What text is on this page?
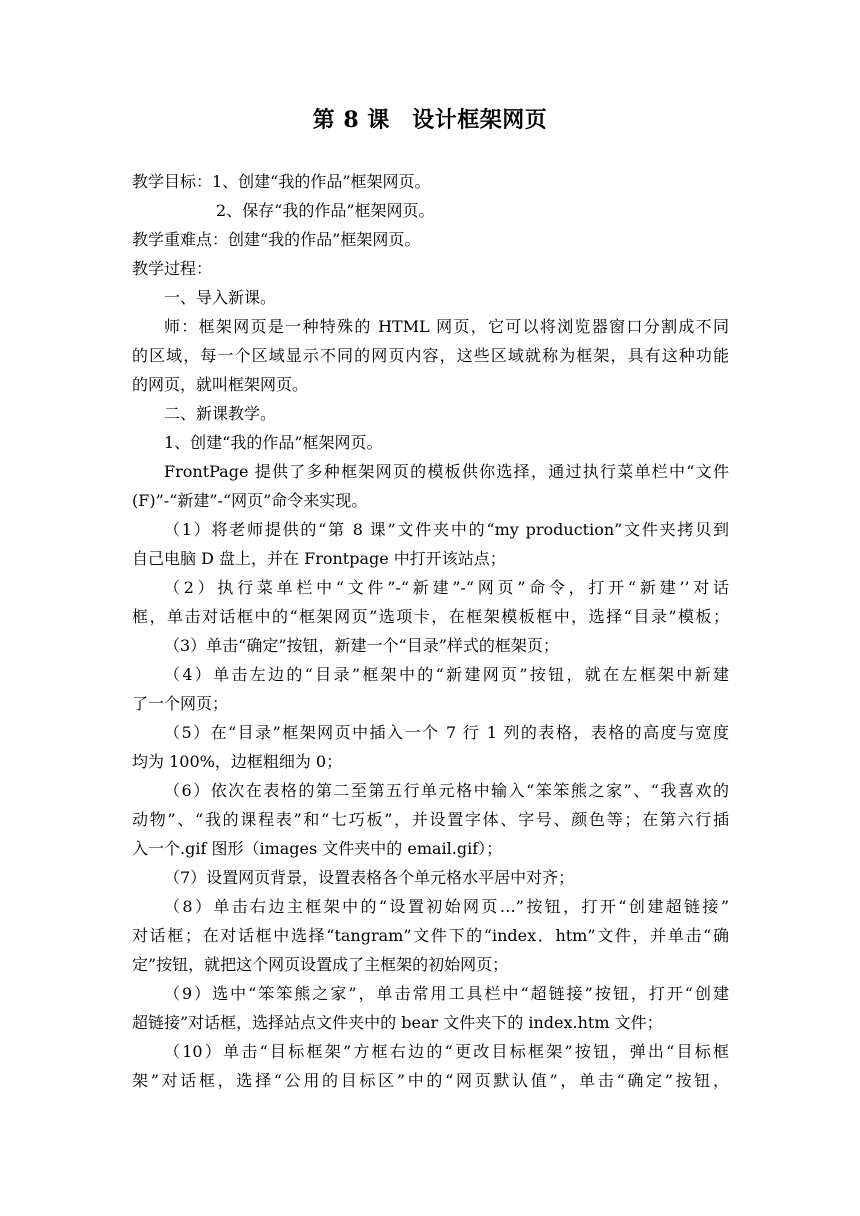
第 8 课　设计框架网页
教学目标：1、创建“我的作品”框架网页。
2、保存“我的作品”框架网页。
教学重难点：创建“我的作品”框架网页。
教学过程：
一、导入新课。
师：框架网页是一种特殊的 HTML 网页，它可以将浏览器窗口分割成不同
的区域，每一个区域显示不同的网页内容，这些区域就称为框架，具有这种功能
的网页，就叫框架网页。
二、新课教学。
1、创建“我的作品”框架网页。
FrontPage 提供了多种框架网页的模板供你选择，通过执行菜单栏中“文件
(F)”-“新建”-“网页”命令来实现。
（1）将老师提供的“第 8 课”文件夹中的“my production”文件夹拷贝到
自己电脑 D 盘上，并在 Frontpage 中打开该站点；
（2）执行菜单栏中“文件”-“新建”-“网页”命令，打开“新建’’对话
框，单击对话框中的“框架网页”选项卡，在框架模板框中，选择“目录”模板；
（3）单击“确定”按钮，新建一个“目录”样式的框架页；
（4）单击左边的“目录”框架中的“新建网页”按钮，就在左框架中新建
了一个网页；
（5）在“目录”框架网页中插入一个 7 行 1 列的表格，表格的高度与宽度
均为 100%，边框粗细为 0；
（6）依次在表格的第二至第五行单元格中输入“笨笨熊之家”、“我喜欢的
动物”、“我的课程表”和“七巧板”，并设置字体、字号、颜色等；在第六行插
入一个.gif 图形（images 文件夹中的 email.gif）；
（7）设置网页背景，设置表格各个单元格水平居中对齐；
（8）单击右边主框架中的“设置初始网页…”按钮，打开“创建超链接”
对话框；在对话框中选择“tangram”文件下的“index．htm”文件，并单击“确
定”按钮，就把这个网页设置成了主框架的初始网页；
（9）选中“笨笨熊之家”，单击常用工具栏中“超链接”按钮，打开“创建
超链接”对话框，选择站点文件夹中的 bear 文件夹下的 index.htm 文件；
（10）单击“目标框架”方框右边的“更改目标框架”按钮，弹出“目标框
架”对话框，选择“公用的目标区”中的“网页默认值”，单击“确定”按钮，
